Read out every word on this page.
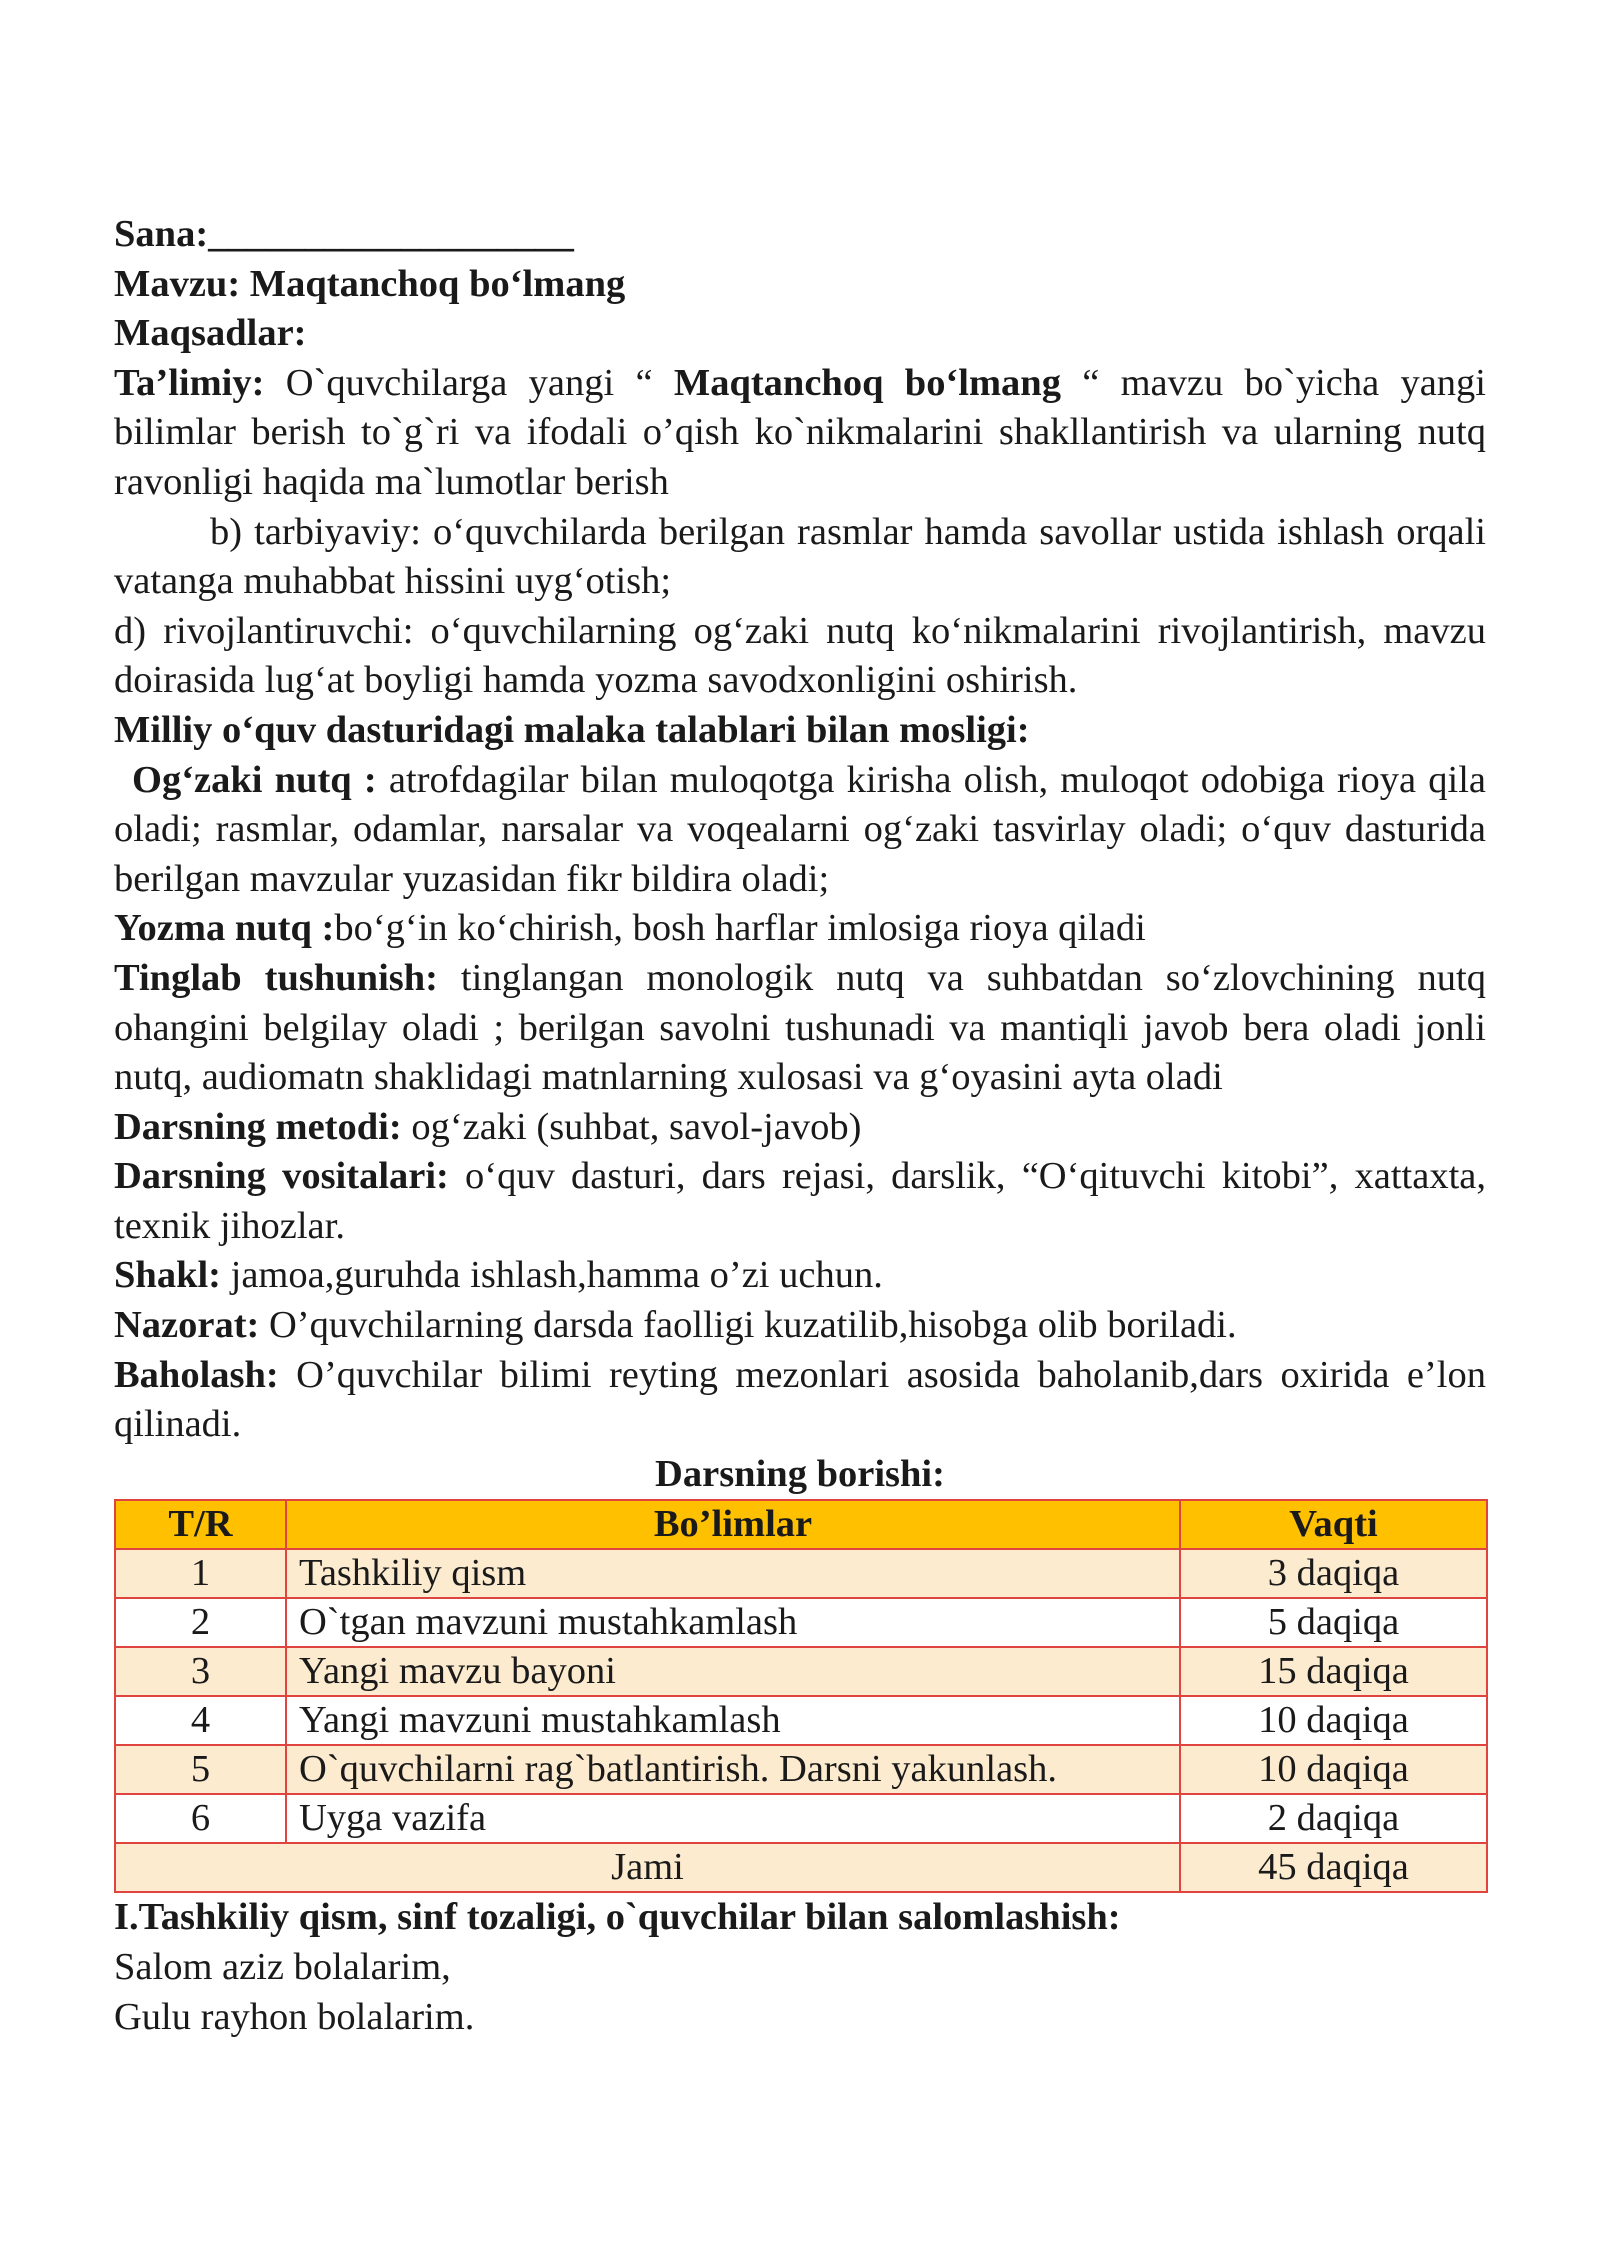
Sana:___________________

Mavzu: Maqtanchoq bo‘lmang

Maqsadlar:

Ta’limiy: O`quvchilarga yangi “ Maqtanchoq bo‘lmang “ mavzu bo`yicha yangi bilimlar berish to`g`ri va ifodali o’qish ko`nikmalarini shakllantirish va ularning nutq ravonligi haqida ma`lumotlar berish

b) tarbiyaviy: o‘quvchilarda berilgan rasmlar hamda savollar ustida ishlash orqali vatanga muhabbat hissini uyg‘otish;

d) rivojlantiruvchi: o‘quvchilarning og‘zaki nutq ko‘nikmalarini rivojlantirish, mavzu doirasida lug‘at boyligi hamda yozma savodxonligini oshirish.

Milliy o‘quv dasturidagi malaka talablari bilan mosligi:

Og‘zaki nutq : atrofdagilar bilan muloqotga kirisha olish, muloqot odobiga rioya qila oladi; rasmlar, odamlar, narsalar va voqealarni og‘zaki tasvirlay oladi; o‘quv dasturida berilgan mavzular yuzasidan fikr bildira oladi;

Yozma nutq :bo‘g‘in ko‘chirish, bosh harflar imlosiga rioya qiladi

Tinglab tushunish: tinglangan monologik nutq va suhbatdan so‘zlovchining nutq ohangini belgilay oladi ; berilgan savolni tushunadi va mantiqli javob bera oladi jonli nutq, audiomatn shaklidagi matnlarning xulosasi va g‘oyasini ayta oladi

Darsning metodi: og‘zaki (suhbat, savol-javob)

Darsning vositalari: o‘quv dasturi, dars rejasi, darslik, “O‘qituvchi kitobi”, xattaxta, texnik jihozlar.

Shakl: jamoa,guruhda ishlash,hamma o’zi uchun.

Nazorat: O’quvchilarning darsda faolligi kuzatilib,hisobga olib boriladi.

Baholash: O’quvchilar bilimi reyting mezonlari asosida baholanib,dars oxirida e’lon qilinadi.

Darsning borishi:

T/R	Bo’limlar	Vaqti
1	Tashkiliy qism	3 daqiqa
2	O`tgan mavzuni mustahkamlash	5 daqiqa
3	Yangi mavzu bayoni	15 daqiqa
4	Yangi mavzuni mustahkamlash	10 daqiqa
5	O`quvchilarni rag`batlantirish. Darsni yakunlash.	10 daqiqa
6	Uyga vazifa	2 daqiqa
Jami		45 daqiqa

I.Tashkiliy qism, sinf tozaligi, o`quvchilar bilan salomlashish:

Salom aziz bolalarim,

Gulu rayhon bolalarim.
